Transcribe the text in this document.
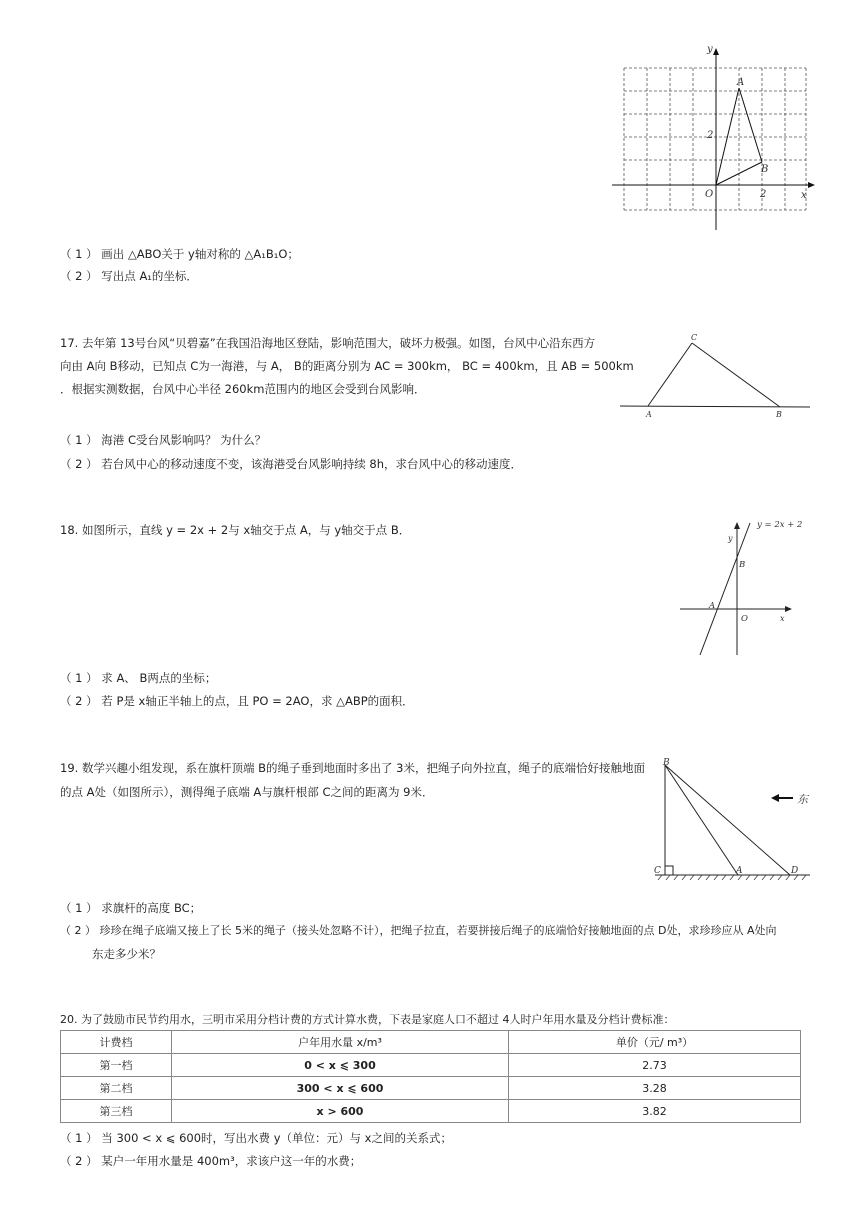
y
x
A
B
O
2
2
（ 1 ） 画出 △ABO关于 y轴对称的 △A₁B₁O；
（ 2 ） 写出点 A₁的坐标．
17. 去年第 13号台风“贝碧嘉”在我国沿海地区登陆，影响范围大，破坏力极强。如图，台风中心沿东西方
向由 A向 B移动，已知点 C为一海港，与 A， B的距离分别为 AC = 300km， BC = 400km，且 AB = 500km
．根据实测数据，台风中心半径 260km范围内的地区会受到台风影响．
C
A	B
（ 1 ） 海港 C受台风影响吗？ 为什么？
（ 2 ） 若台风中心的移动速度不变，该海港受台风影响持续 8h，求台风中心的移动速度．
18. 如图所示，直线 y = 2x + 2与 x轴交于点 A，与 y轴交于点 B．	y = 2x + 2
y
x
B
A
O
（ 1 ） 求 A、 B两点的坐标；
（ 2 ） 若 P是 x轴正半轴上的点，且 PO = 2AO，求 △ABP的面积．
19. 数学兴趣小组发现，系在旗杆顶端 B的绳子垂到地面时多出了 3米，把绳子向外拉直，绳子的底端恰好接触地面
的点 A处（如图所示），测得绳子底端 A与旗杆根部 C之间的距离为 9米．
东
B
C	A	D
（ 1 ） 求旗杆的高度 BC；
（ 2 ） 珍珍在绳子底端又接上了长 5米的绳子（接头处忽略不计），把绳子拉直，若要拼接后绳子的底端恰好接触地面的点 D处，求珍珍应从 A处向
东走多少米？
20. 为了鼓励市民节约用水，三明市采用分档计费的方式计算水费，下表是家庭人口不超过 4人时户年用水量及分档计费标准：
计费档	户年用水量 x/m³	单价（元/ m³）
第一档	0 < x ⩽ 300	2.73
第二档	300 < x ⩽ 600	3.28
第三档	x > 600	3.82
（ 1 ） 当 300 < x ⩽ 600时，写出水费 y（单位：元）与 x之间的关系式；
（ 2 ） 某户一年用水量是 400m³，求该户这一年的水费；
